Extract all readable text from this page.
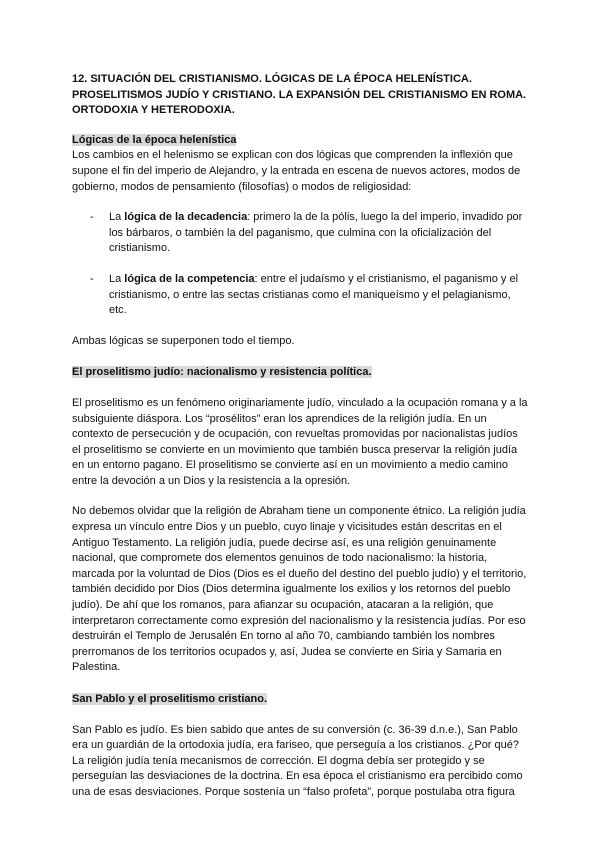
12. SITUACIÓN DEL CRISTIANISMO. LÓGICAS DE LA ÉPOCA HELENÍSTICA. PROSELITISMOS JUDÍO Y CRISTIANO. LA EXPANSIÓN DEL CRISTIANISMO EN ROMA. ORTODOXIA Y HETERODOXIA.

Lógicas de la época helenística

Los cambios en el helenismo se explican con dos lógicas que comprenden la inflexión que supone el fin del imperio de Alejandro, y la entrada en escena de nuevos actores, modos de gobierno, modos de pensamiento (filosofías) o modos de religiosidad:

- La lógica de la decadencia: primero la de la pólis, luego la del imperio, invadido por los bárbaros, o también la del paganismo, que culmina con la oficialización del cristianismo.
- La lógica de la competencia: entre el judaísmo y el cristianismo, el paganismo y el cristianismo, o entre las sectas cristianas como el maniqueísmo y el pelagianismo, etc.

Ambas lógicas se superponen todo el tiempo.

El proselitismo judío: nacionalismo y resistencia política.

El proselitismo es un fenómeno originariamente judío, vinculado a la ocupación romana y a la subsiguiente diáspora. Los “prosélitos” eran los aprendices de la religión judía. En un contexto de persecución y de ocupación, con revueltas promovidas por nacionalistas judíos el proselitismo se convierte en un movimiento que también busca preservar la religión judía en un entorno pagano. El proselitismo se convierte así en un movimiento a medio camino entre la devoción a un Dios y la resistencia a la opresión.

No debemos olvidar que la religión de Abraham tiene un componente étnico. La religión judía expresa un vínculo entre Dios y un pueblo, cuyo linaje y vicisitudes están descritas en el Antiguo Testamento. La religión judía, puede decirse así, es una religión genuinamente nacional, que compromete dos elementos genuinos de todo nacionalismo: la historia, marcada por la voluntad de Dios (Dios es el dueño del destino del pueblo judío) y el territorio, también decidido por Dios (Dios determina igualmente los exilios y los retornos del pueblo judío). De ahí que los romanos, para afianzar su ocupación, atacaran a la religión, que interpretaron correctamente como expresión del nacionalismo y la resistencia judías. Por eso destruirán el Templo de Jerusalén En torno al año 70, cambiando también los nombres prerromanos de los territorios ocupados y, así, Judea se convierte en Siria y Samaria en Palestina.

San Pablo y el proselitismo cristiano.

San Pablo es judío. Es bien sabido que antes de su conversión (c. 36-39 d.n.e.), San Pablo era un guardián de la ortodoxia judía, era fariseo, que perseguía a los cristianos. ¿Por qué? La religión judía tenía mecanismos de corrección. El dogma debía ser protegido y se perseguían las desviaciones de la doctrina. En esa época el cristianismo era percibido como una de esas desviaciones. Porque sostenía un “falso profeta”, porque postulaba otra figura
